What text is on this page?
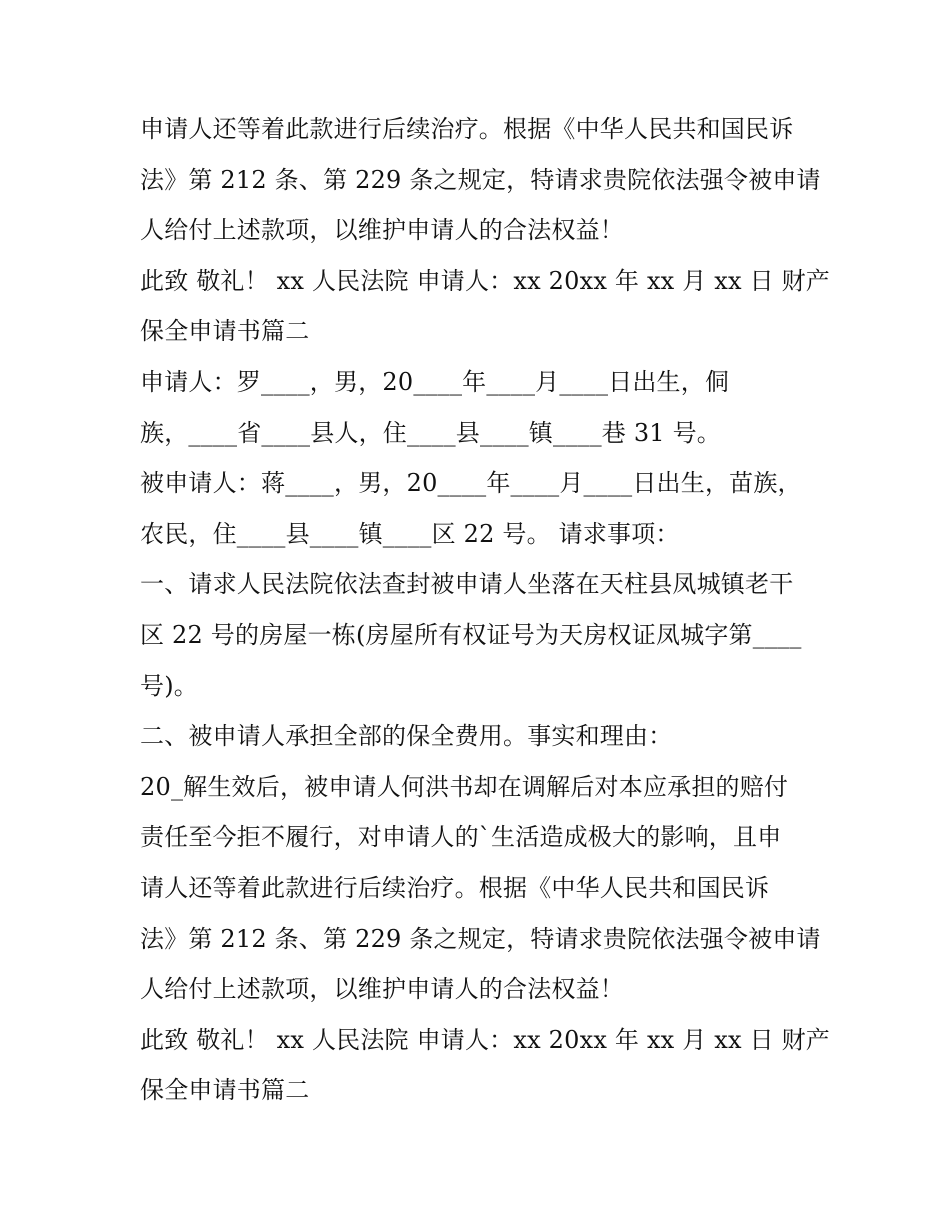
申请人还等着此款进行后续治疗。根据《中华人民共和国民诉
法》第 212 条、第 229 条之规定，特请求贵院依法强令被申请
人给付上述款项，以维护申请人的合法权益！
此致 敬礼！ xx 人民法院 申请人：xx 20xx 年 xx 月 xx 日 财产
保全申请书篇二
申请人：罗____，男，20____年____月____日出生，侗
族，____省____县人，住____县____镇____巷 31 号。
被申请人：蒋____，男，20____年____月____日出生，苗族，
农民，住____县____镇____区 22 号。 请求事项：
一、请求人民法院依法查封被申请人坐落在天柱县凤城镇老干
区 22 号的房屋一栋(房屋所有权证号为天房权证凤城字第____
号)。
二、被申请人承担全部的保全费用。事实和理由：
20_解生效后，被申请人何洪书却在调解后对本应承担的赔付
责任至今拒不履行，对申请人的`生活造成极大的影响，且申
请人还等着此款进行后续治疗。根据《中华人民共和国民诉
法》第 212 条、第 229 条之规定，特请求贵院依法强令被申请
人给付上述款项，以维护申请人的合法权益！
此致 敬礼！ xx 人民法院 申请人：xx 20xx 年 xx 月 xx 日 财产
保全申请书篇二
